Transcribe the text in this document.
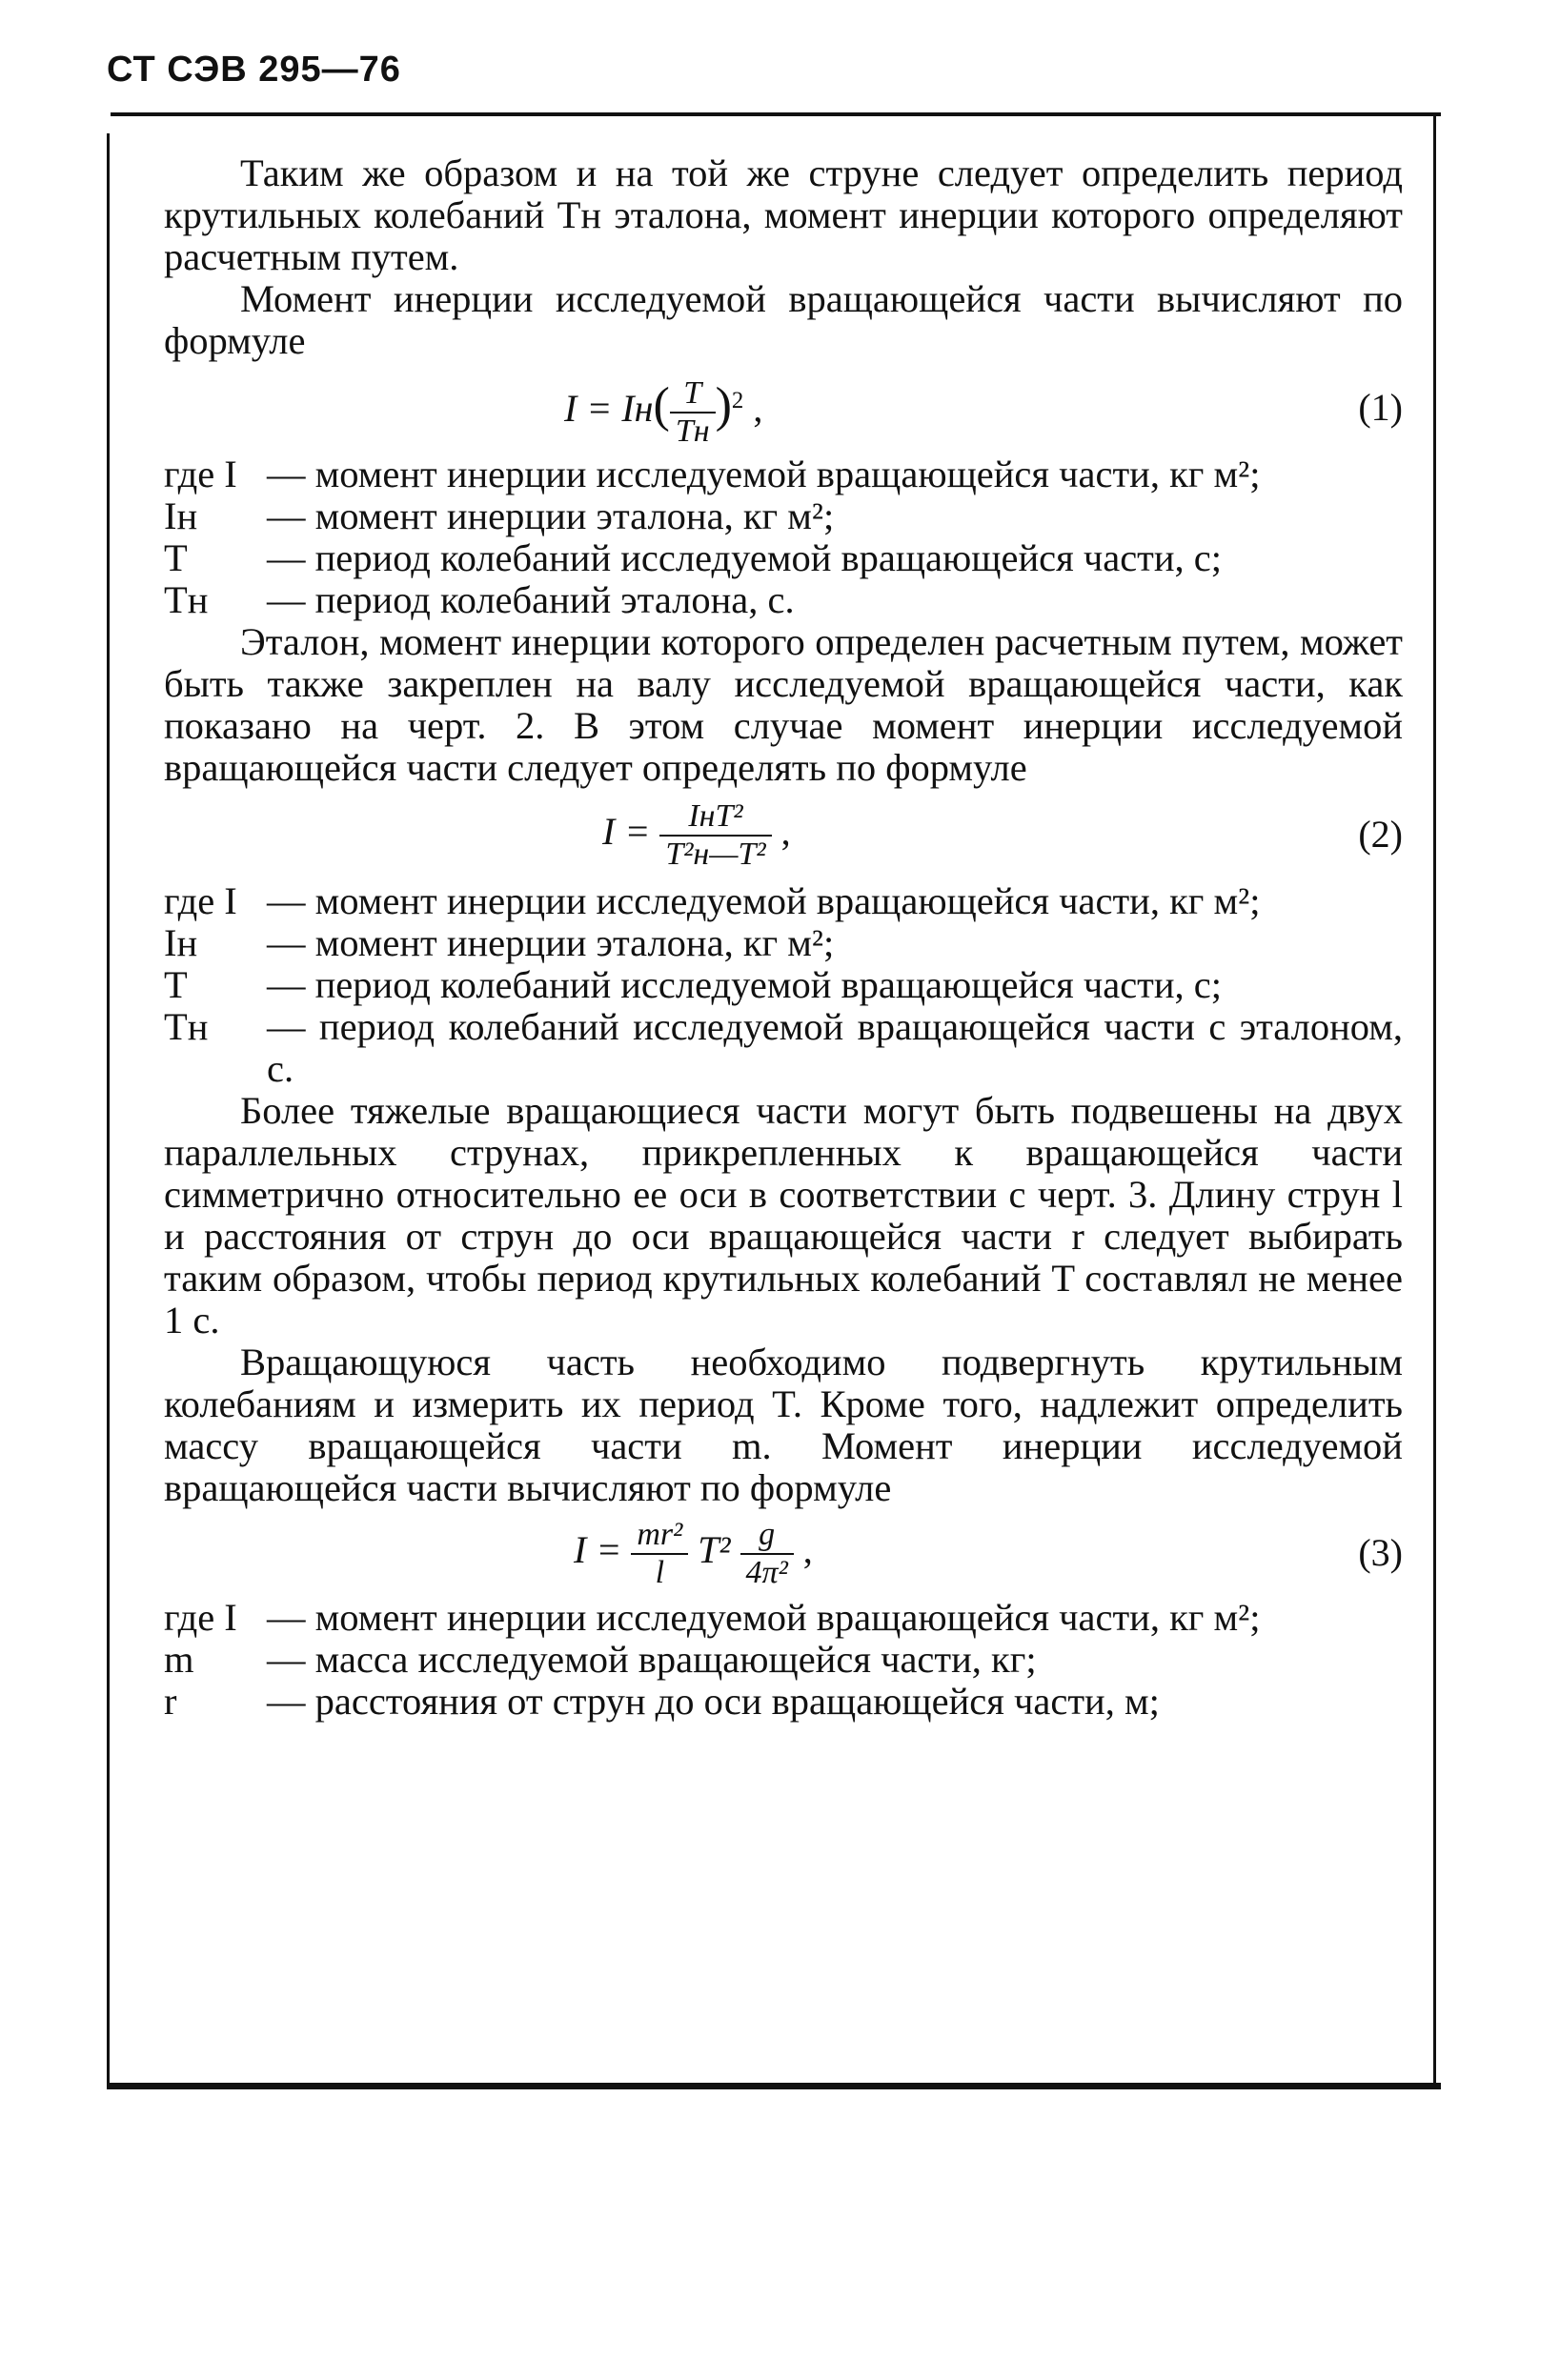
СТ СЭВ 295—76

Таким же образом и на той же струне следует определить период крутильных колебаний Tн эталона, момент инерции которого определяют расчетным путем.

Момент инерции исследуемой вращающейся части вычисляют по формуле

$I = Iн( \frac{T}{Tн} )^2$ ,	(1)
где I — момент инерции исследуемой вращающейся части, кг м²;
Iн — момент инерции эталона, кг м²;
T — период колебаний исследуемой вращающейся части, с;
Tн — период колебаний эталона, с.

Эталон, момент инерции которого определен расчетным путем, может быть также закреплен на валу исследуемой вращающейся части, как показано на черт. 2. В этом случае момент инерции исследуемой вращающейся части следует определять по формуле

$I = \frac{\text{IнT²}}{\text{T²н—T²}}$ ,	(2)
где I — момент инерции исследуемой вращающейся части, кг м²;
Iн — момент инерции эталона, кг м²;
T — период колебаний исследуемой вращающейся части, с;
Tн — период колебаний исследуемой вращающейся части с эталоном, с.

Более тяжелые вращающиеся части могут быть подвешены на двух параллельных струнах, прикрепленных к вращающейся части симметрично относительно ее оси в соответствии с черт. 3. Длину струн l и расстояния от струн до оси вращающейся части r следует выбирать таким образом, чтобы период крутильных колебаний T составлял не менее 1 с.

Вращающуюся часть необходимо подвергнуть крутильным колебаниям и измерить их период T. Кроме того, надлежит определить массу вращающейся части m. Момент инерции исследуемой вращающейся части вычисляют по формуле

$I = \frac{\text{mr²}}{l} T^2 \frac{g}{\text{4π²}}$ ,	(3)
где I — момент инерции исследуемой вращающейся части, кг м²;
m — масса исследуемой вращающейся части, кг;
r — расстояния от струн до оси вращающейся части, м;
